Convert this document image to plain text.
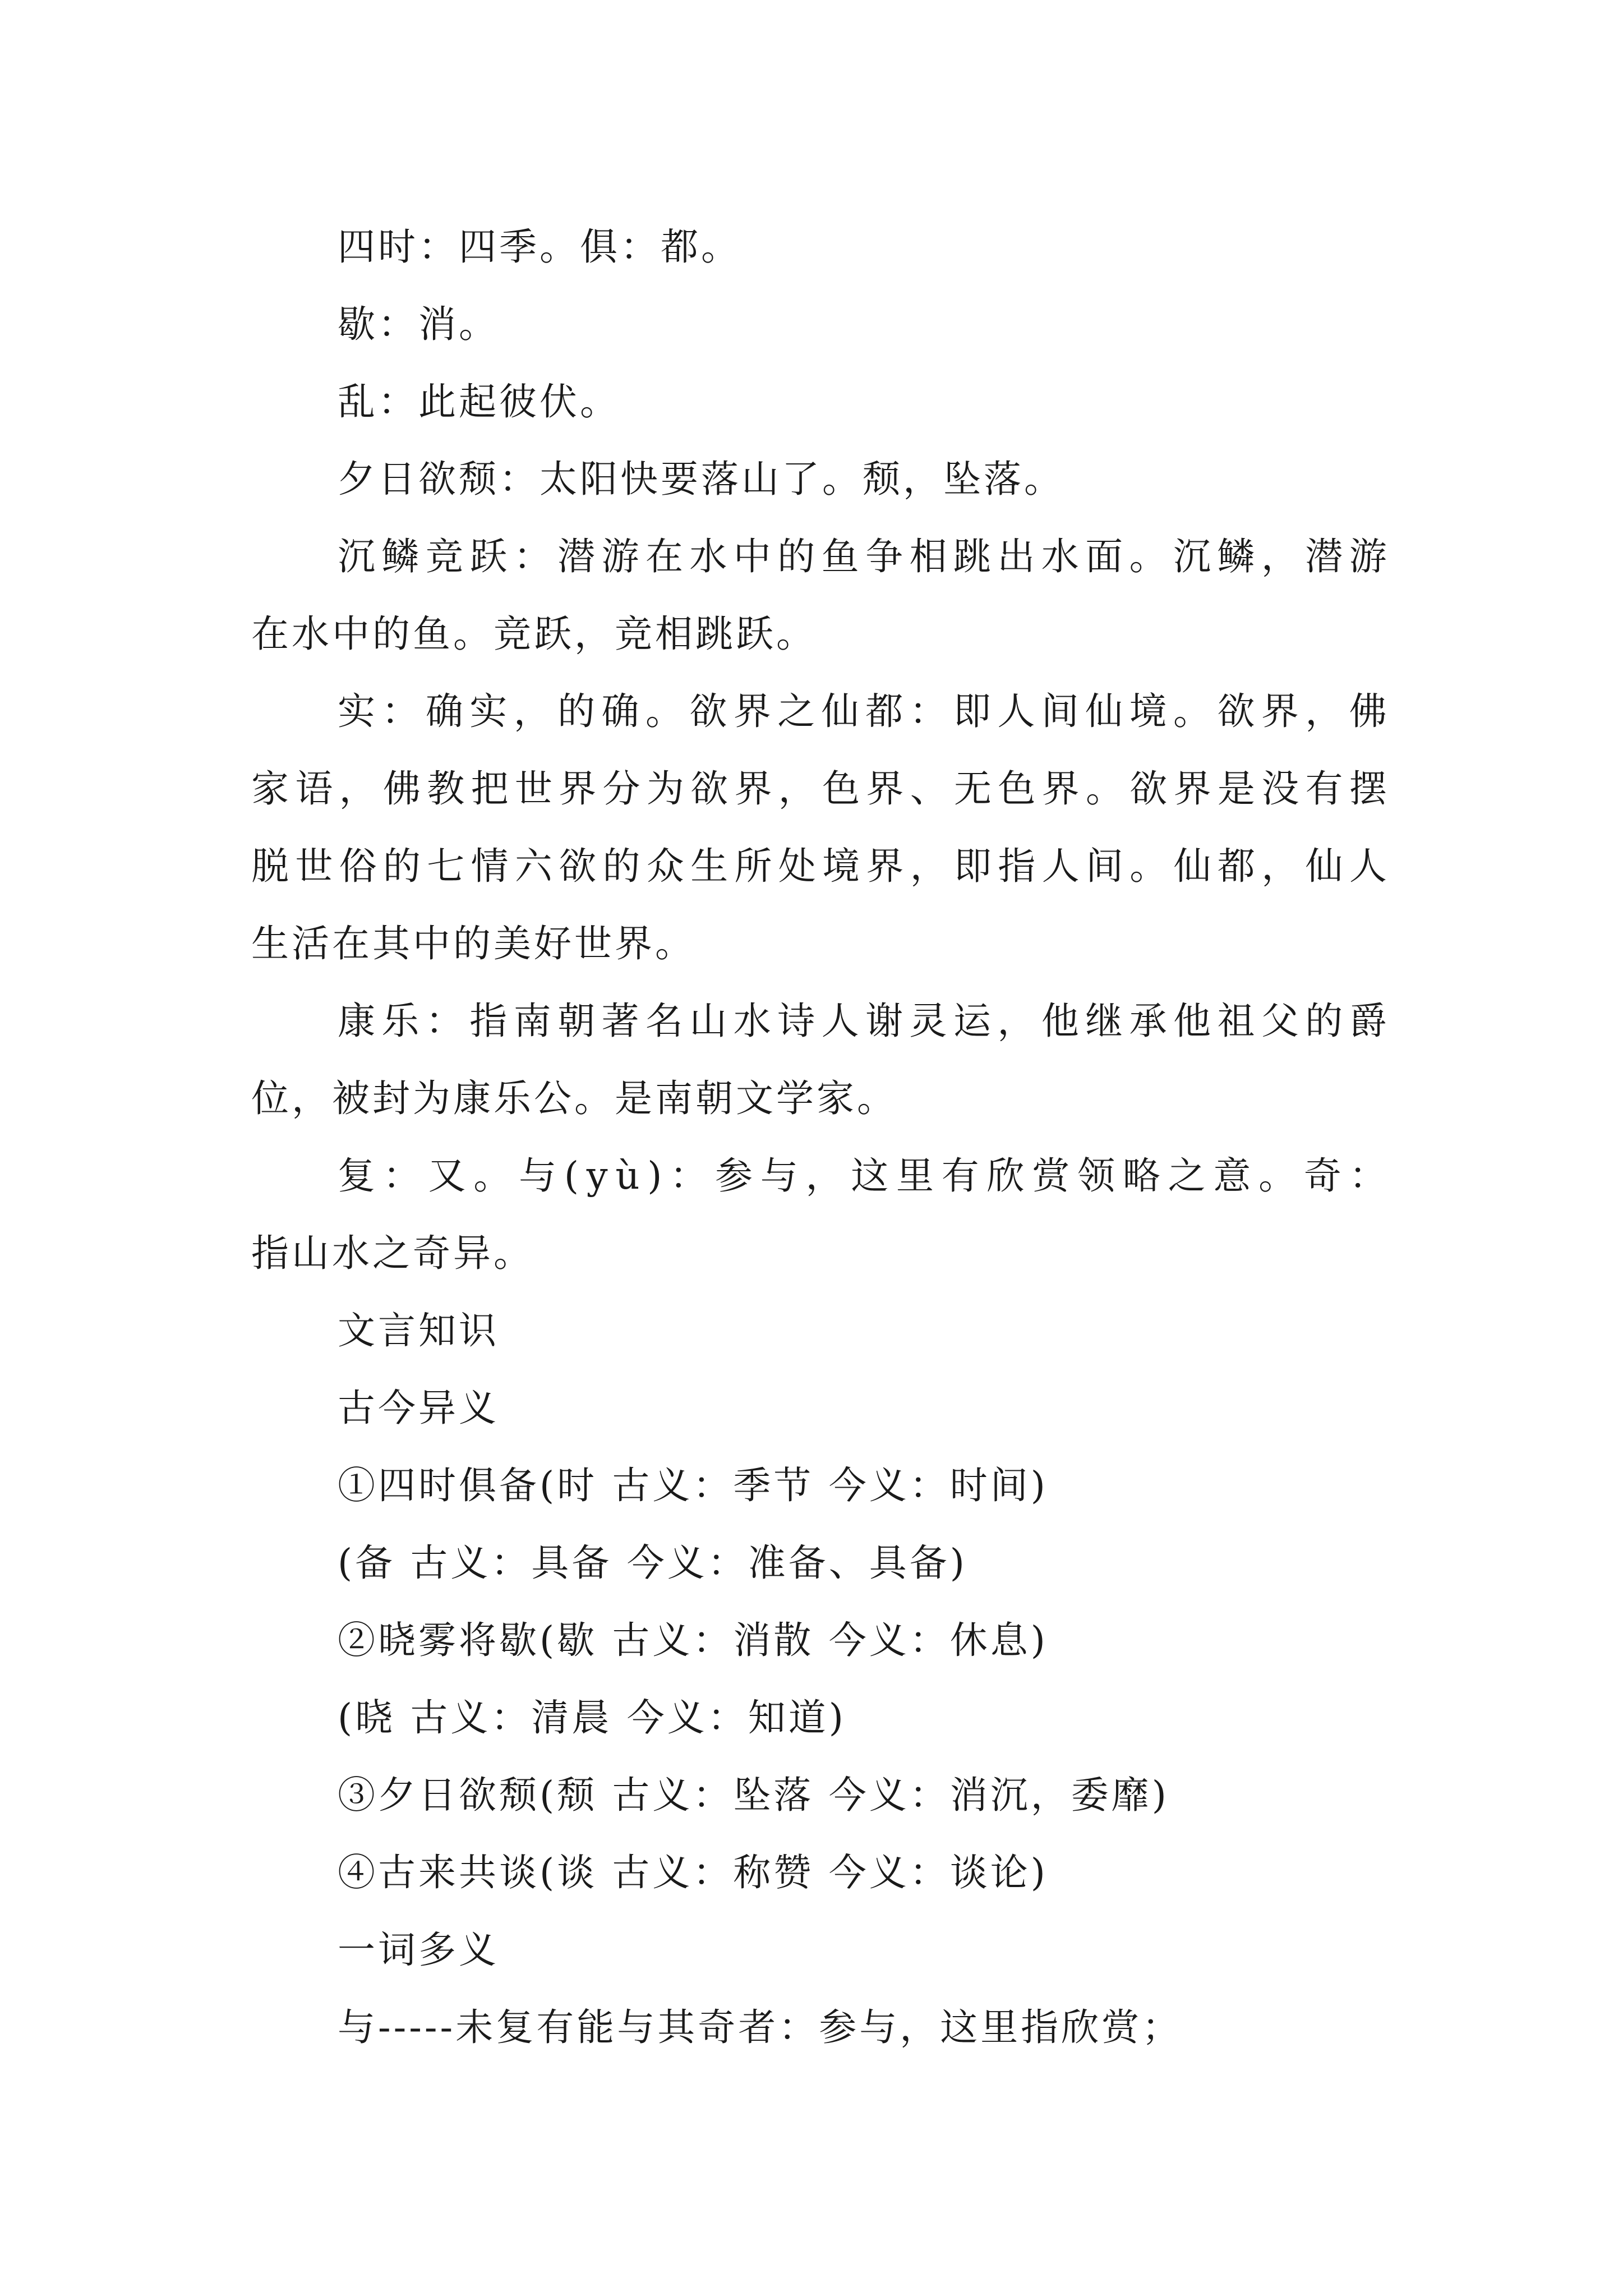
四时：四季。俱：都。

歇：消。

乱：此起彼伏。

夕日欲颓：太阳快要落山了。颓，坠落。

沉 鳞 竞 跃 ： 潜 游 在 水 中 的 鱼 争 相 跳 出 水 面 。 沉 鳞 ， 潜 游

在水中的鱼。竞跃，竞相跳跃。

实 ： 确 实 ， 的 确 。 欲 界 之 仙 都 ： 即 人 间 仙 境 。 欲 界 ， 佛

家 语 ， 佛 教 把 世 界 分 为 欲 界 ， 色 界 、 无 色 界 。 欲 界 是 没 有 摆

脱 世 俗 的 七 情 六 欲 的 众 生 所 处 境 界 ， 即 指 人 间 。 仙 都 ， 仙 人

生活在其中的美好世界。

康 乐 ： 指 南 朝 著 名 山 水 诗 人 谢 灵 运 ， 他 继 承 他 祖 父 的 爵

位，被封为康乐公。是南朝文学家。

复 ： 又 。 与 ( y ù ) ： 参 与 ， 这 里 有 欣 赏 领 略 之 意 。 奇 ：

指山水之奇异。

文言知识

古今异义

①四时俱备(时 古义：季节 今义：时间)

(备 古义：具备 今义：准备、具备)

②晓雾将歇(歇 古义：消散 今义：休息)

(晓 古义：清晨 今义：知道)

③夕日欲颓(颓 古义：坠落 今义：消沉，委靡)

④古来共谈(谈 古义：称赞 今义：谈论)

一词多义

与-----未复有能与其奇者：参与，这里指欣赏；
